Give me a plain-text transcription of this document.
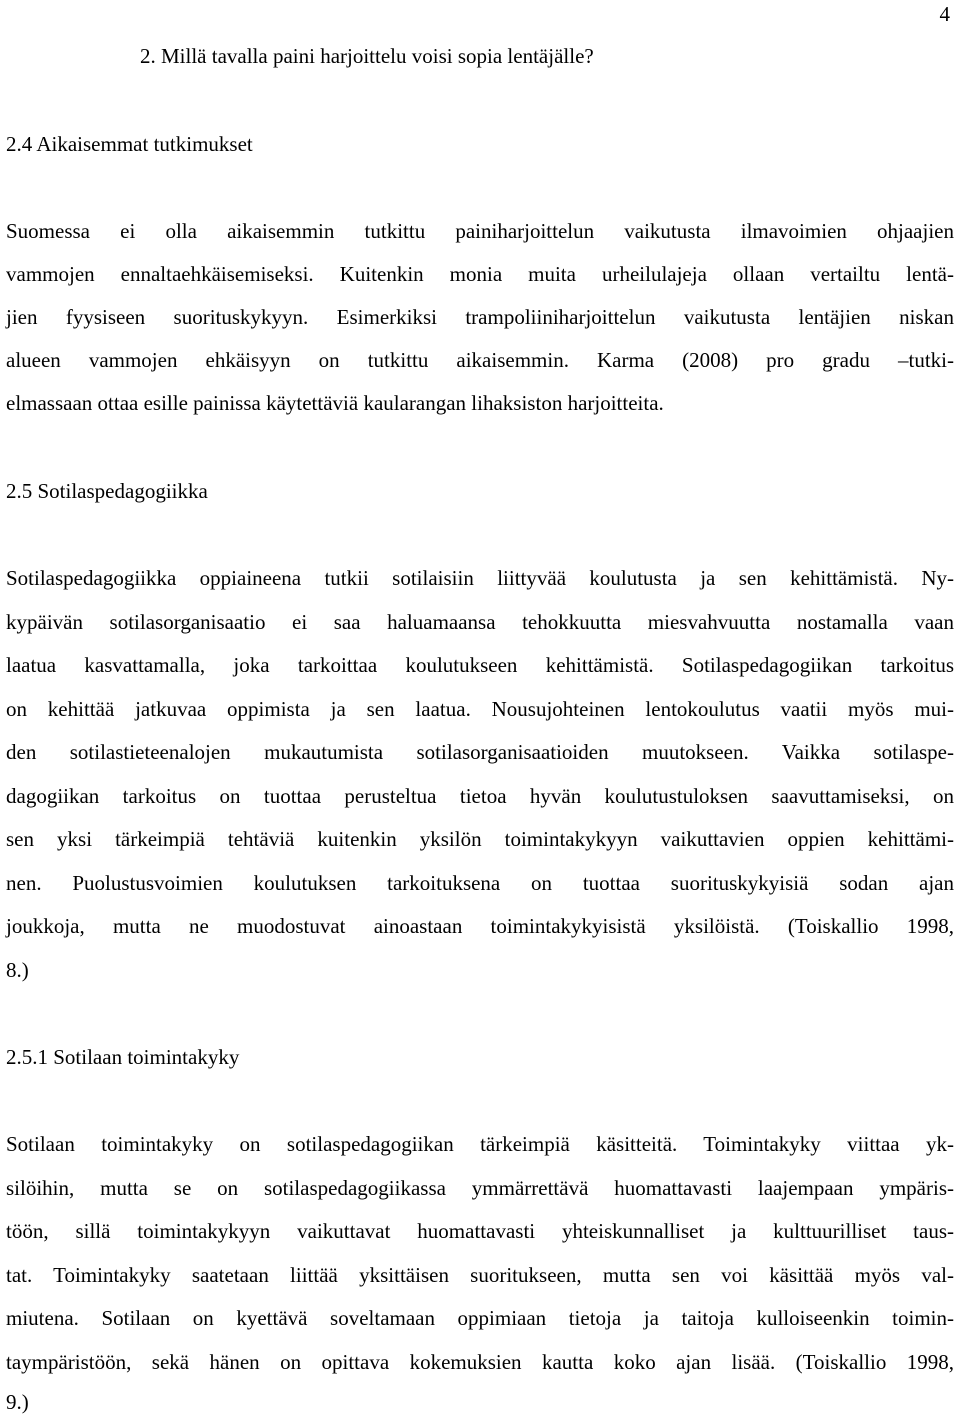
4
2. Millä tavalla paini harjoittelu voisi sopia lentäjälle?
2.4 Aikaisemmat tutkimukset
Suomessa ei olla aikaisemmin tutkittu painiharjoittelun vaikutusta ilmavoimien ohjaajien
vammojen ennaltaehkäisemiseksi. Kuitenkin monia muita urheilulajeja ollaan vertailtu lentä-
jien fyysiseen suorituskykyyn. Esimerkiksi trampoliiniharjoittelun vaikutusta lentäjien niskan
alueen vammojen ehkäisyyn on tutkittu aikaisemmin. Karma (2008) pro gradu –tutki-
elmassaan ottaa esille painissa käytettäviä kaularangan lihaksiston harjoitteita.
2.5 Sotilaspedagogiikka
Sotilaspedagogiikka oppiaineena tutkii sotilaisiin liittyvää koulutusta ja sen kehittämistä. Ny-
kypäivän sotilasorganisaatio ei saa haluamaansa tehokkuutta miesvahvuutta nostamalla vaan
laatua kasvattamalla, joka tarkoittaa koulutukseen kehittämistä. Sotilaspedagogiikan tarkoitus
on kehittää jatkuvaa oppimista ja sen laatua. Nousujohteinen lentokoulutus vaatii myös mui-
den sotilastieteenalojen mukautumista sotilasorganisaatioiden muutokseen. Vaikka sotilaspe-
dagogiikan tarkoitus on tuottaa perusteltua tietoa hyvän koulutustuloksen saavuttamiseksi, on
sen yksi tärkeimpiä tehtäviä kuitenkin yksilön toimintakykyyn vaikuttavien oppien kehittämi-
nen. Puolustusvoimien koulutuksen tarkoituksena on tuottaa suorituskykyisiä sodan ajan
joukkoja, mutta ne muodostuvat ainoastaan toimintakykyisistä yksilöistä. (Toiskallio 1998,
8.)
2.5.1 Sotilaan toimintakyky
Sotilaan toimintakyky on sotilaspedagogiikan tärkeimpiä käsitteitä. Toimintakyky viittaa yk-
silöihin, mutta se on sotilaspedagogiikassa ymmärrettävä huomattavasti laajempaan ympäris-
töön, sillä toimintakykyyn vaikuttavat huomattavasti yhteiskunnalliset ja kulttuurilliset taus-
tat. Toimintakyky saatetaan liittää yksittäisen suoritukseen, mutta sen voi käsittää myös val-
miutena. Sotilaan on kyettävä soveltamaan oppimiaan tietoja ja taitoja kulloiseenkin toimin-
taympäristöön, sekä hänen on opittava kokemuksien kautta koko ajan lisää. (Toiskallio 1998,
9.)
